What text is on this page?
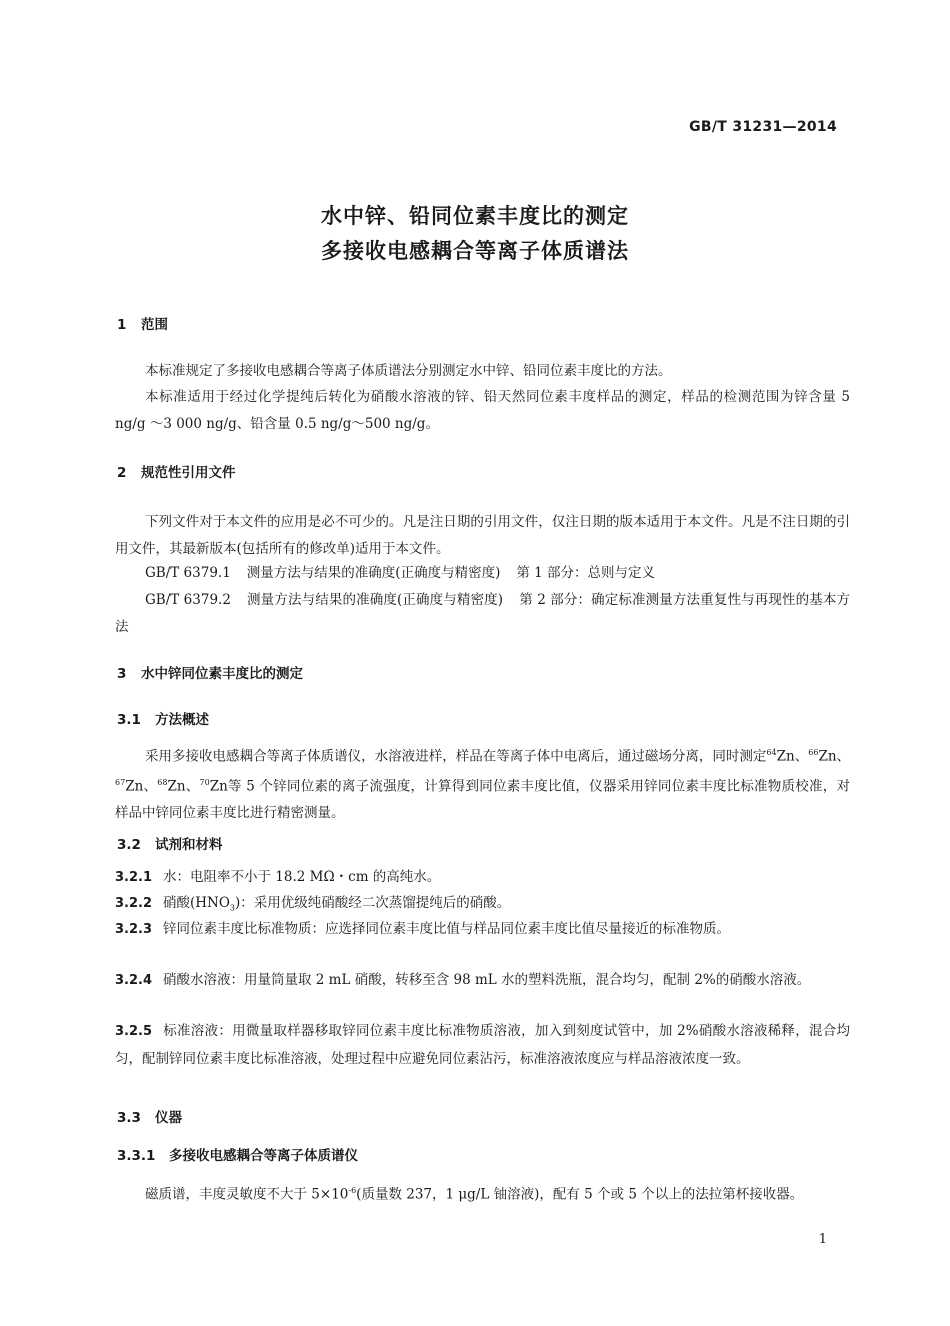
GB/T 31231—2014
水中锌、铅同位素丰度比的测定
多接收电感耦合等离子体质谱法
1 范围

本标准规定了多接收电感耦合等离子体质谱法分别测定水中锌、铅同位素丰度比的方法。

本标准适用于经过化学提纯后转化为硝酸水溶液的锌、铅天然同位素丰度样品的测定，样品的检测范围为锌含量 5 ng/g ～3 000 ng/g、铅含量 0.5 ng/g～500 ng/g。

2 规范性引用文件

下列文件对于本文件的应用是必不可少的。凡是注日期的引用文件，仅注日期的版本适用于本文件。凡是不注日期的引用文件，其最新版本(包括所有的修改单)适用于本文件。

GB/T 6379.1 测量方法与结果的准确度(正确度与精密度) 第 1 部分：总则与定义

GB/T 6379.2 测量方法与结果的准确度(正确度与精密度) 第 2 部分：确定标准测量方法重复性与再现性的基本方法

3 水中锌同位素丰度比的测定
3.1 方法概述

采用多接收电感耦合等离子体质谱仪，水溶液进样，样品在等离子体中电离后，通过磁场分离，同时测定$^{64}$Zn、$^{66}$Zn、$^{67}$Zn、$^{68}$Zn、$^{70}$Zn等 5 个锌同位素的离子流强度，计算得到同位素丰度比值，仪器采用锌同位素丰度比标准物质校准，对样品中锌同位素丰度比进行精密测量。

3.2 试剂和材料

3.2.1 水：电阻率不小于 18.2 MΩ・cm 的高纯水。

3.2.2 硝酸$(HNO_3)$：采用优级纯硝酸经二次蒸馏提纯后的硝酸。

3.2.3 锌同位素丰度比标准物质：应选择同位素丰度比值与样品同位素丰度比值尽量接近的标准物质。

3.2.4 硝酸水溶液：用量筒量取 2 mL 硝酸，转移至含 98 mL 水的塑料洗瓶，混合均匀，配制 2%的硝酸水溶液。

3.2.5 标准溶液：用微量取样器移取锌同位素丰度比标准物质溶液，加入到刻度试管中，加 2%硝酸水溶液稀释，混合均匀，配制锌同位素丰度比标准溶液，处理过程中应避免同位素沾污，标准溶液浓度应与样品溶液浓度一致。

3.3 仪器
3.3.1 多接收电感耦合等离子体质谱仪

磁质谱，丰度灵敏度不大于 $5\times 10^{-6}$(质量数 237，1 μg/L 铀溶液)，配有 5 个或 5 个以上的法拉第杯接收器。

1
